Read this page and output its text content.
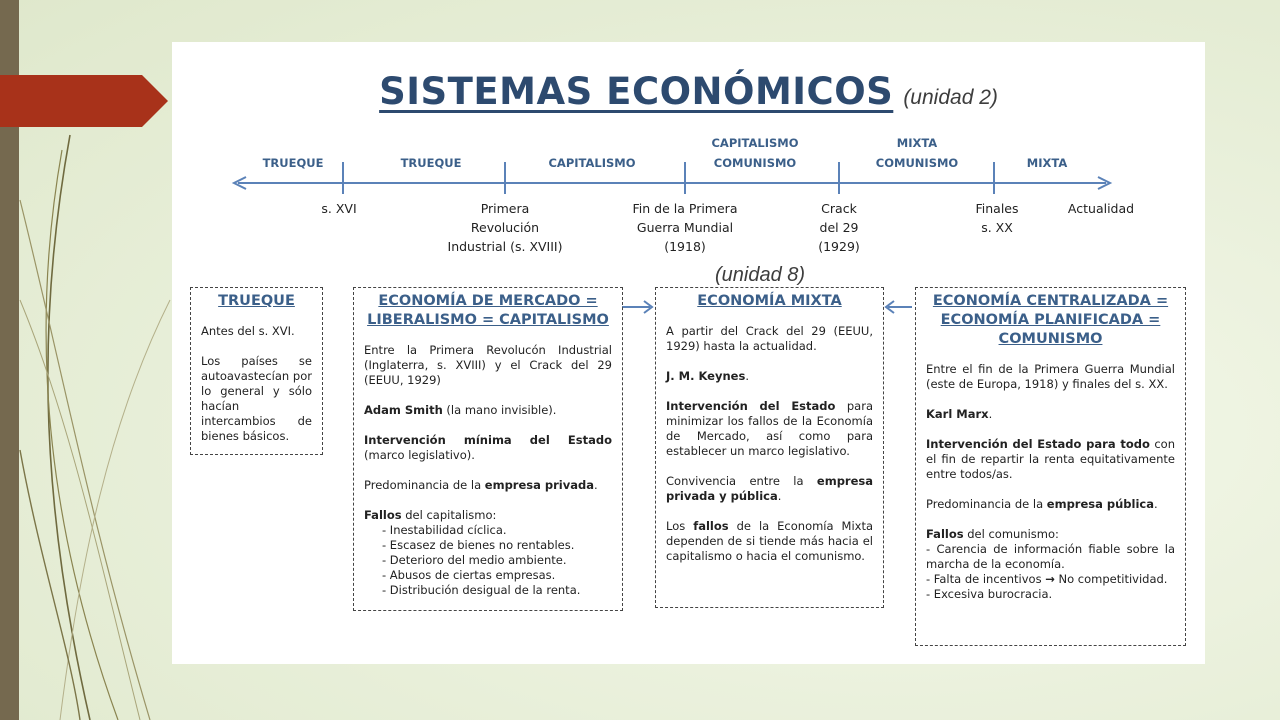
SISTEMAS ECONÓMICOS (unidad 2)
TRUEQUE	TRUEQUE	CAPITALISMO
CAPITALISMO
COMUNISMO
MIXTA
COMUNISMO	MIXTA
s. XVI	Primera
Revolución
Industrial (s. XVIII)
Fin de la Primera
Guerra Mundial
(1918)
Crack
del 29
(1929)
Finales
s. XX
Actualidad
(unidad 8)
TRUEQUE

Antes del s. XVI.

Los países se autoavastecían por lo general y sólo hacían intercambios de bienes básicos.

ECONOMÍA DE MERCADO =
LIBERALISMO = CAPITALISMO

Entre la Primera Revolucón Industrial (Inglaterra, s. XVIII) y el Crack del 29 (EEUU, 1929)

Adam Smith (la mano invisible).

Intervención mínima del Estado (marco legislativo).

Predominancia de la empresa privada.

Fallos del capitalismo:
- Inestabilidad cíclica.
- Escasez de bienes no rentables.
- Deterioro del medio ambiente.
- Abusos de ciertas empresas.
- Distribución desigual de la renta.
ECONOMÍA MIXTA

A partir del Crack del 29 (EEUU, 1929) hasta la actualidad.

J. M. Keynes.

Intervención del Estado para minimizar los fallos de la Economía de Mercado, así como para establecer un marco legislativo.

Convivencia entre la empresa privada y pública.

Los fallos de la Economía Mixta dependen de si tiende más hacia el capitalismo o hacia el comunismo.

ECONOMÍA CENTRALIZADA =
ECONOMÍA PLANIFICADA =
COMUNISMO

Entre el fin de la Primera Guerra Mundial (este de Europa, 1918) y finales del s. XX.

Karl Marx.

Intervención del Estado para todo con el fin de repartir la renta equitativamente entre todos/as.

Predominancia de la empresa pública.

Fallos del comunismo:
- Carencia de información fiable sobre la marcha de la economía.
- Falta de incentivos → No competitividad.
- Excesiva burocracia.
